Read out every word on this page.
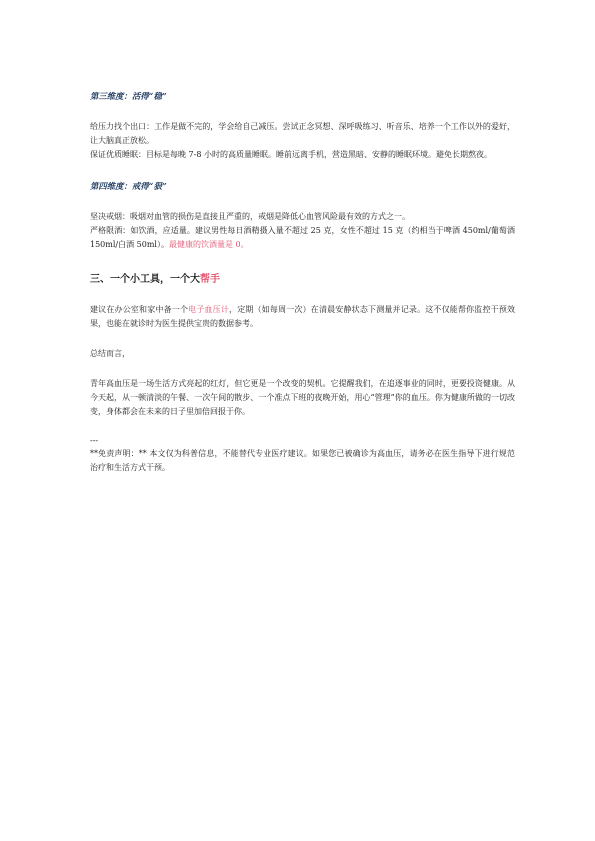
第三维度：活得“稳”

给压力找个出口：工作是做不完的，学会给自己减压。尝试正念冥想、深呼吸练习、听音乐、培养一个工作以外的爱好，让大脑真正放松。

保证优质睡眠：目标是每晚 7-8 小时的高质量睡眠。睡前远离手机，营造黑暗、安静的睡眠环境。避免长期熬夜。

第四维度：戒得“狠”

坚决戒烟：吸烟对血管的损伤是直接且严重的，戒烟是降低心血管风险最有效的方式之一。

严格限酒：如饮酒，应适量。建议男性每日酒精摄入量不超过 25 克，女性不超过 15 克（约相当于啤酒 450ml/葡萄酒 150ml/白酒 50ml）。最健康的饮酒量是 0。

三、一个小工具，一个大帮手

建议在办公室和家中备一个电子血压计，定期（如每周一次）在清晨安静状态下测量并记录。这不仅能帮你监控干预效果，也能在就诊时为医生提供宝贵的数据参考。

总结而言，

青年高血压是一场生活方式亮起的红灯，但它更是一个改变的契机。它提醒我们，在追逐事业的同时，更要投资健康。从今天起，从一顿清淡的午餐、一次午间的散步、一个准点下班的夜晚开始，用心“管理”你的血压。你为健康所做的一切改变，身体都会在未来的日子里加倍回报于你。

---

**免责声明：** 本文仅为科普信息，不能替代专业医疗建议。如果您已被确诊为高血压，请务必在医生指导下进行规范治疗和生活方式干预。
